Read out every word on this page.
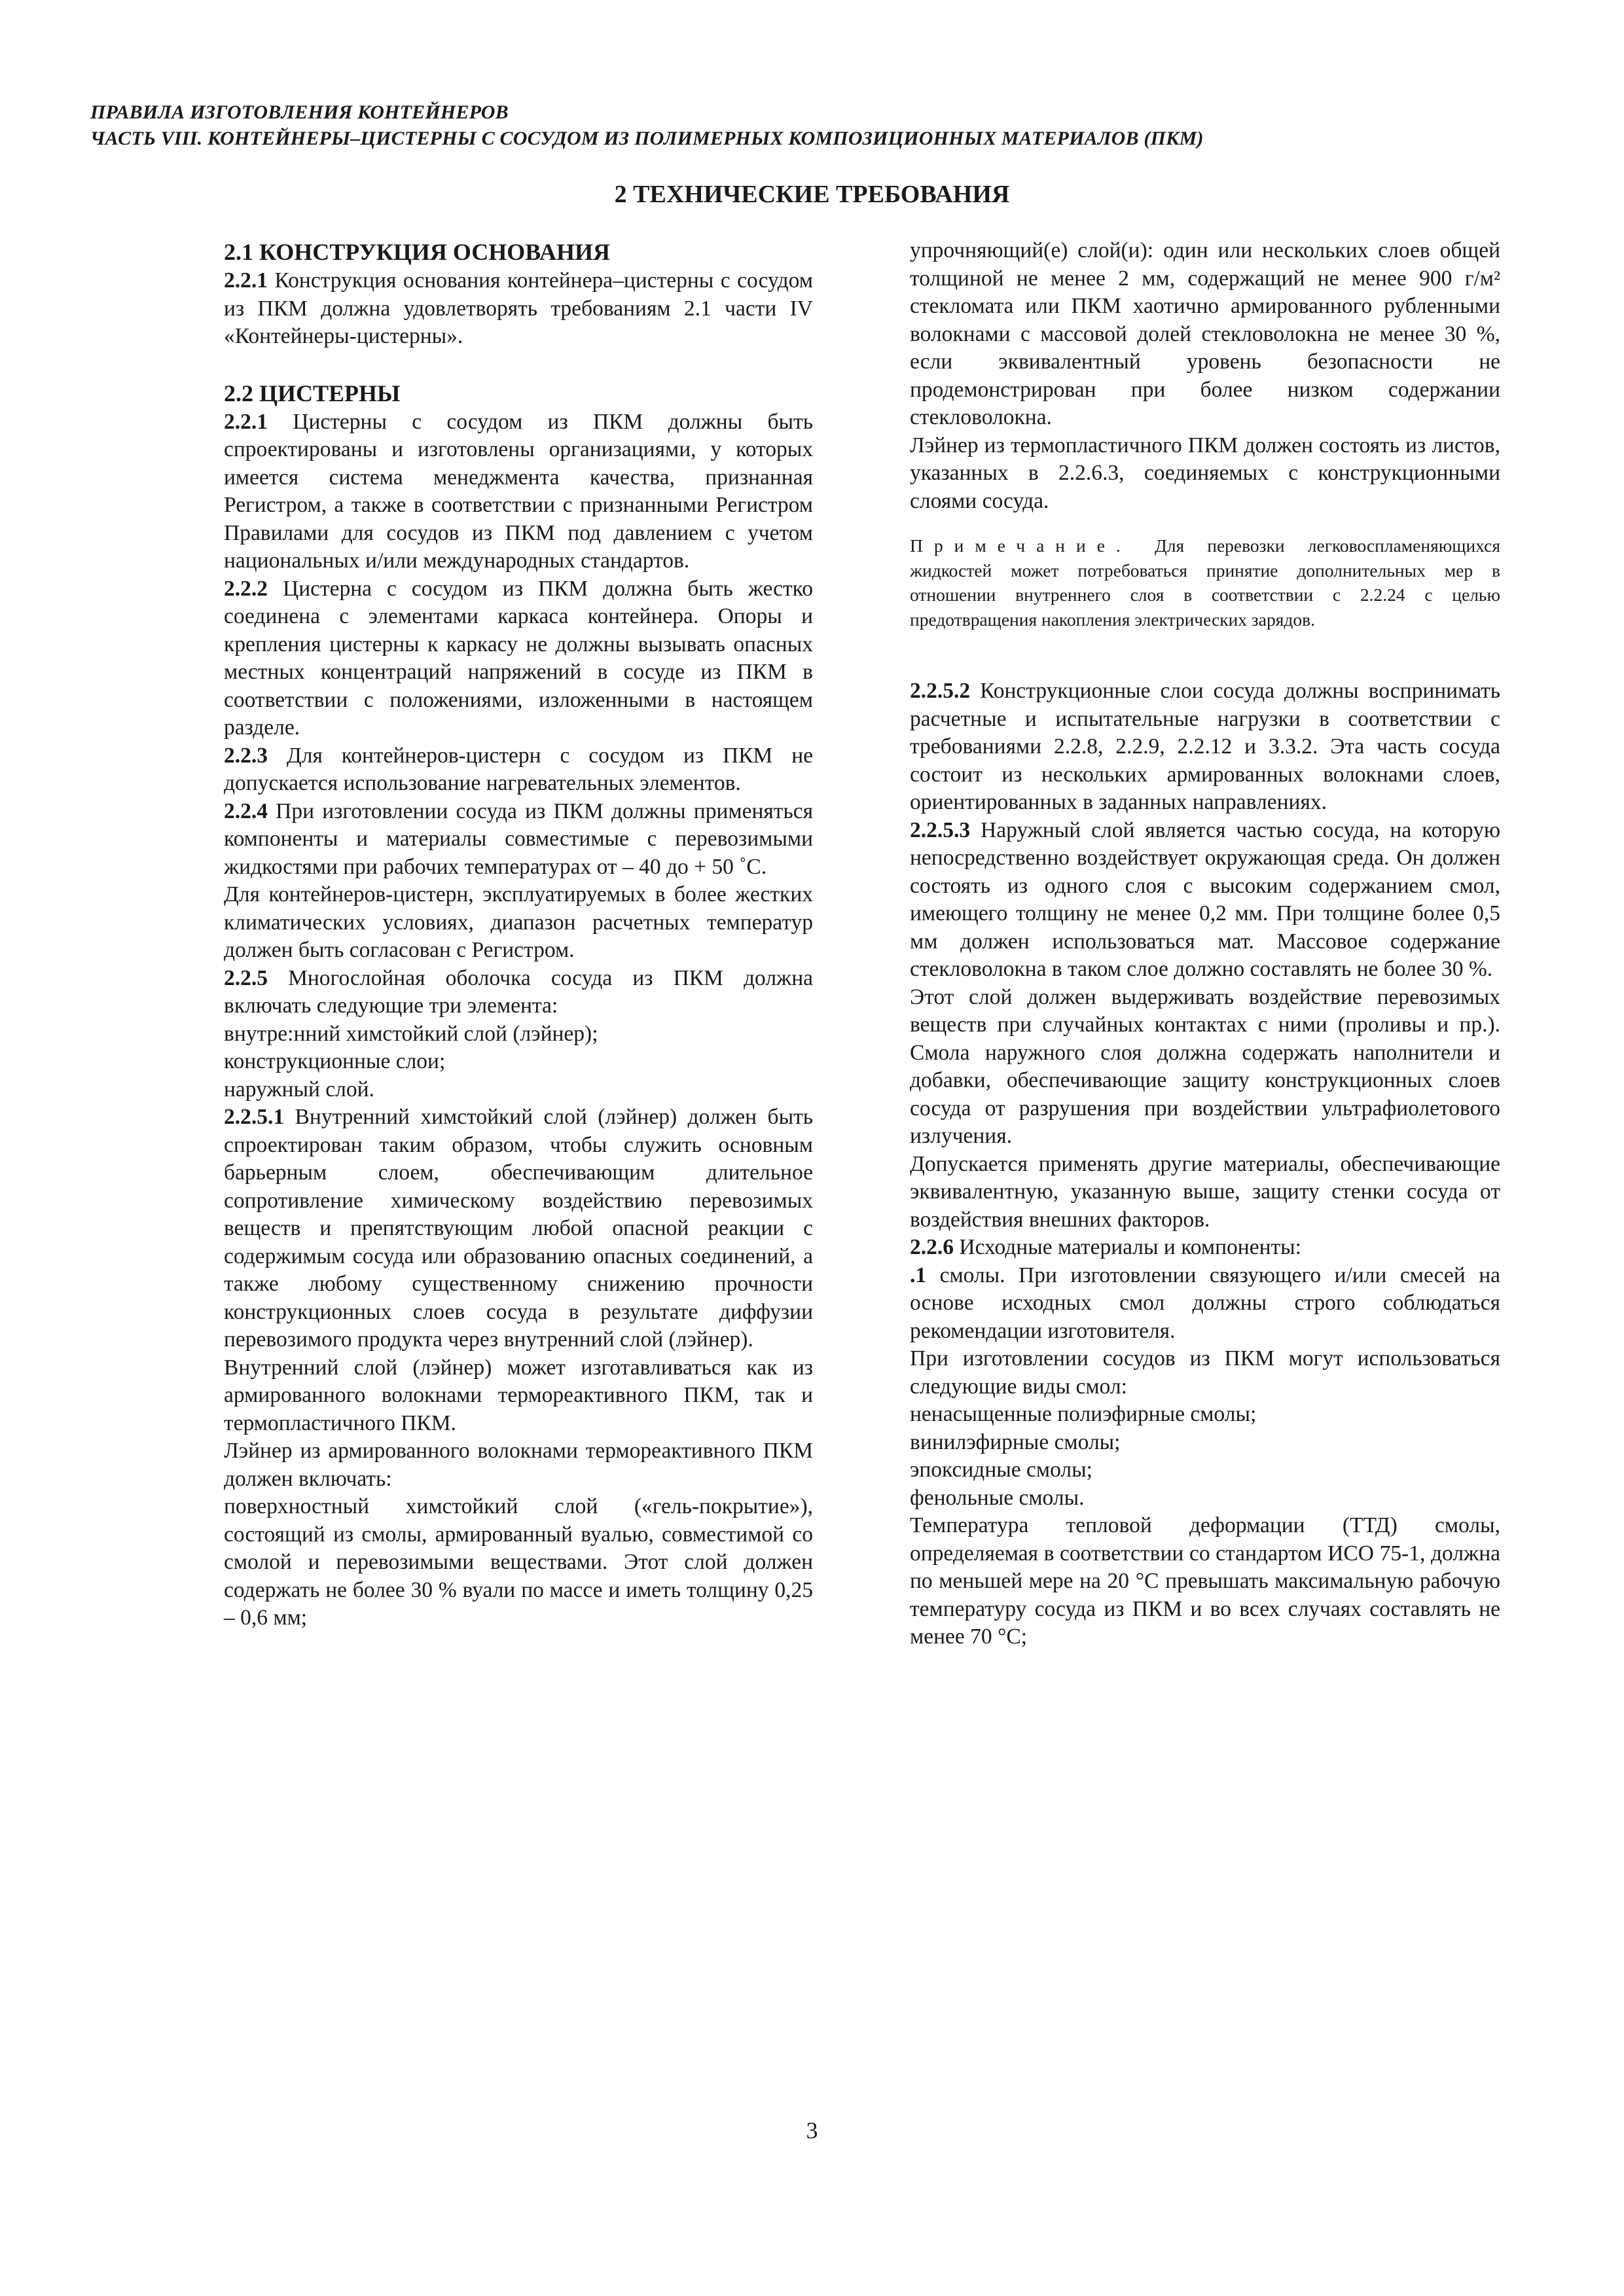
ПРАВИЛА ИЗГОТОВЛЕНИЯ КОНТЕЙНЕРОВ
ЧАСТЬ VIII. КОНТЕЙНЕРЫ–ЦИСТЕРНЫ С СОСУДОМ ИЗ ПОЛИМЕРНЫХ КОМПОЗИЦИОННЫХ МАТЕРИАЛОВ (ПКМ)
2 ТЕХНИЧЕСКИЕ ТРЕБОВАНИЯ

2.1 КОНСТРУКЦИЯ ОСНОВАНИЯ

2.2.1 Конструкция основания контейнера–цистерны с сосудом из ПКМ должна удовлетворять требованиям 2.1 части IV «Контейнеры-цистерны».

2.2 ЦИСТЕРНЫ

2.2.1 Цистерны с сосудом из ПКМ должны быть спроектированы и изготовлены организациями, у которых имеется система менеджмента качества, признанная Регистром, а также в соответствии с признанными Регистром Правилами для сосудов из ПКМ под давлением с учетом национальных и/или международных стандартов.

2.2.2 Цистерна с сосудом из ПКМ должна быть жестко соединена с элементами каркаса контейнера. Опоры и крепления цистерны к каркасу не должны вызывать опасных местных концентраций напряжений в сосуде из ПКМ в соответствии с положениями, изложенными в настоящем разделе.

2.2.3 Для контейнеров-цистерн с сосудом из ПКМ не допускается использование нагревательных элементов.

2.2.4 При изготовлении сосуда из ПКМ должны применяться компоненты и материалы совместимые с перевозимыми жидкостями при рабочих температурах от – 40 до + 50 ˚С.

Для контейнеров-цистерн, эксплуатируемых в более жестких климатических условиях, диапазон расчетных температур должен быть согласован с Регистром.

2.2.5 Многослойная оболочка сосуда из ПКМ должна включать следующие три элемента:

внутре:нний химстойкий слой (лэйнер);

конструкционные слои;

наружный слой.

2.2.5.1 Внутренний химстойкий слой (лэйнер) должен быть спроектирован таким образом, чтобы служить основным барьерным слоем, обеспечивающим длительное сопротивление химическому воздействию перевозимых веществ и препятствующим любой опасной реакции с содержимым сосуда или образованию опасных соединений, а также любому существенному снижению прочности конструкционных слоев сосуда в результате диффузии перевозимого продукта через внутренний слой (лэйнер).

Внутренний слой (лэйнер) может изготавливаться как из армированного волокнами термореактивного ПКМ, так и термопластичного ПКМ.

Лэйнер из армированного волокнами термореактивного ПКМ должен включать:

поверхностный химстойкий слой («гель-покрытие»), состоящий из смолы, армированный вуалью, совместимой со смолой и перевозимыми веществами. Этот слой должен содержать не более 30 % вуали по массе и иметь толщину 0,25 – 0,6 мм;

упрочняющий(е) слой(и): один или нескольких слоев общей толщиной не менее 2 мм, содержащий не менее 900 г/м² стекломата или ПКМ хаотично армированного рубленными волокнами с массовой долей стекловолокна не менее 30 %, если эквивалентный уровень безопасности не продемонстрирован при более низком содержании стекловолокна.

Лэйнер из термопластичного ПКМ должен состоять из листов, указанных в 2.2.6.3, соединяемых с конструкционными слоями сосуда.

Примечание. Для перевозки легковоспламеняющихся жидкостей может потребоваться принятие дополнительных мер в отношении внутреннего слоя в соответствии с 2.2.24 с целью предотвращения накопления электрических зарядов.

2.2.5.2 Конструкционные слои сосуда должны воспринимать расчетные и испытательные нагрузки в соответствии с требованиями 2.2.8, 2.2.9, 2.2.12 и 3.3.2. Эта часть сосуда состоит из нескольких армированных волокнами слоев, ориентированных в заданных направлениях.

2.2.5.3 Наружный слой является частью сосуда, на которую непосредственно воздействует окружающая среда. Он должен состоять из одного слоя с высоким содержанием смол, имеющего толщину не менее 0,2 мм. При толщине более 0,5 мм должен использоваться мат. Массовое содержание стекловолокна в таком слое должно составлять не более 30 %.

Этот слой должен выдерживать воздействие перевозимых веществ при случайных контактах с ними (проливы и пр.). Смола наружного слоя должна содержать наполнители и добавки, обеспечивающие защиту конструкционных слоев сосуда от разрушения при воздействии ультрафиолетового излучения.

Допускается применять другие материалы, обеспечивающие эквивалентную, указанную выше, защиту стенки сосуда от воздействия внешних факторов.

2.2.6 Исходные материалы и компоненты:

.1 смолы. При изготовлении связующего и/или смесей на основе исходных смол должны строго соблюдаться рекомендации изготовителя.

При изготовлении сосудов из ПКМ могут использоваться следующие виды смол:

ненасыщенные полиэфирные смолы;

винилэфирные смолы;

эпоксидные смолы;

фенольные смолы.

Температура тепловой деформации (ТТД) смолы, определяемая в соответствии со стандартом ИСО 75-1, должна по меньшей мере на 20 °С превышать максимальную рабочую температуру сосуда из ПКМ и во всех случаях составлять не менее 70 °С;

3
